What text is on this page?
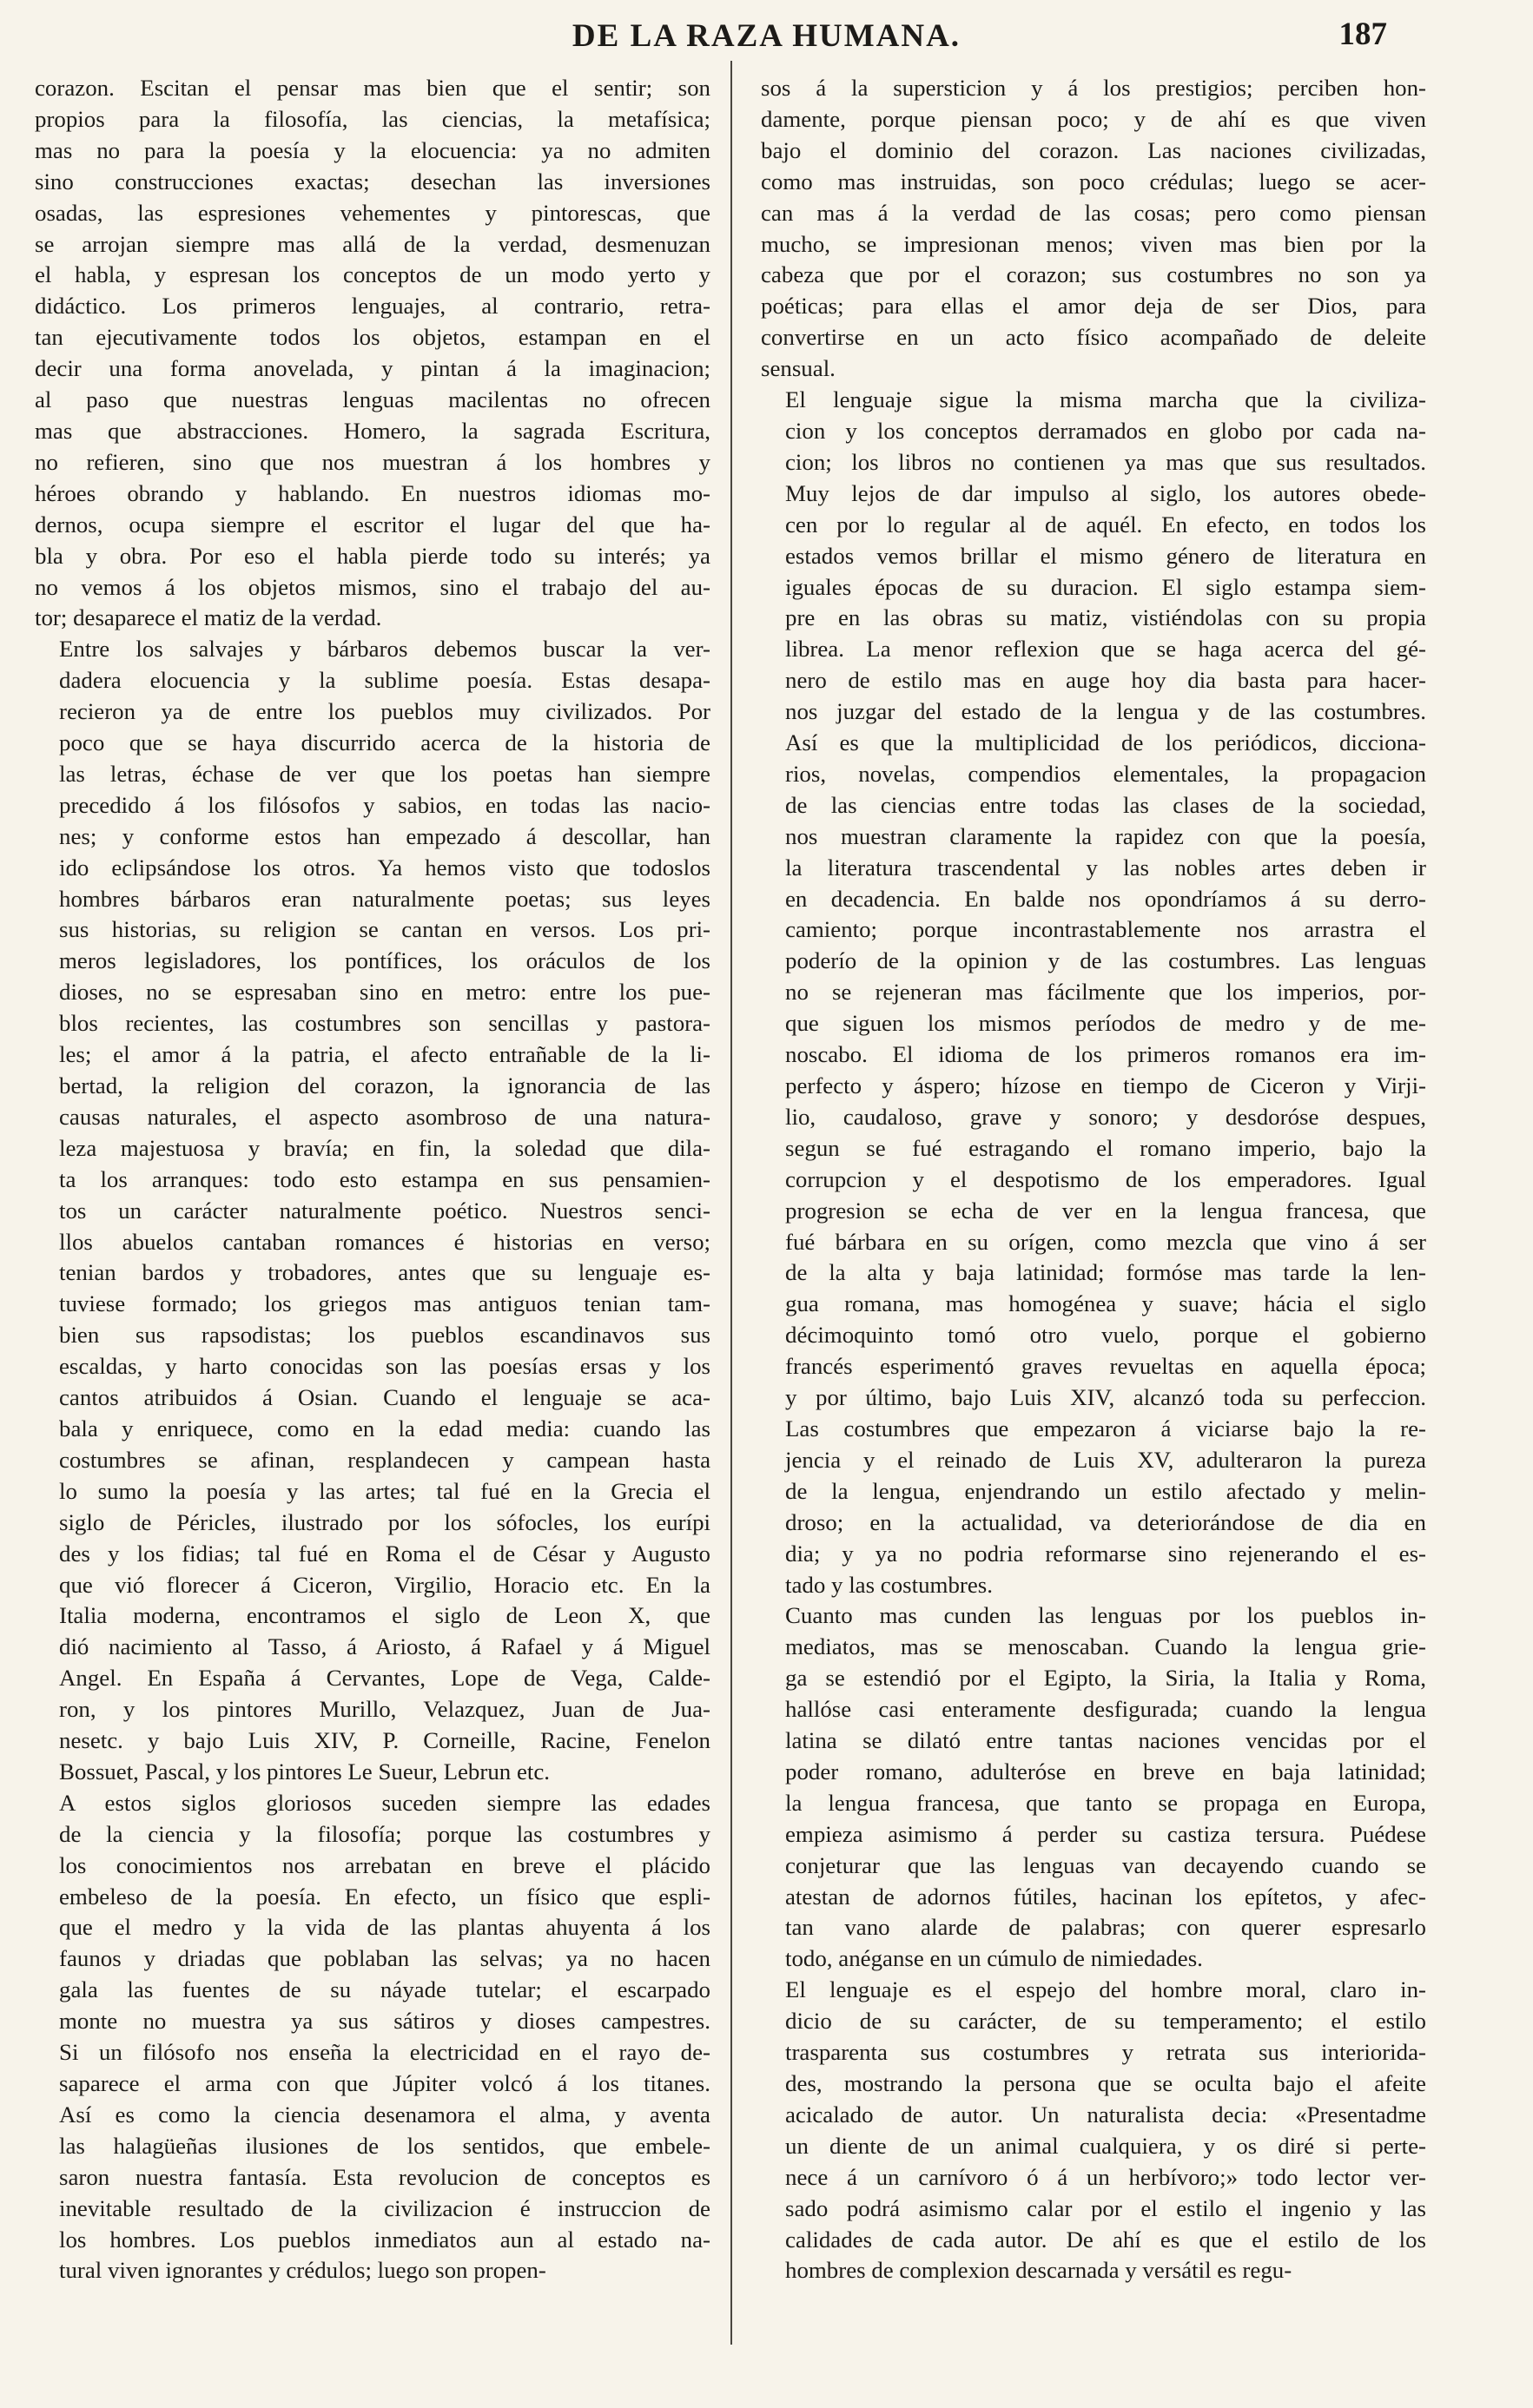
DE LA RAZA HUMANA.	187

corazon. Escitan el pensar mas bien que el sentir; son
propios para la filosofía, las ciencias, la metafísica;
mas no para la poesía y la elocuencia: ya no admiten
sino construcciones exactas; desechan las inversiones
osadas, las espresiones vehementes y pintorescas, que
se arrojan siempre mas allá de la verdad, desmenuzan
el habla, y espresan los conceptos de un modo yerto y
didáctico. Los primeros lenguajes, al contrario, retra-
tan ejecutivamente todos los objetos, estampan en el
decir una forma anovelada, y pintan á la imaginacion;
al paso que nuestras lenguas macilentas no ofrecen
mas que abstracciones. Homero, la sagrada Escritura,
no refieren, sino que nos muestran á los hombres y
héroes obrando y hablando. En nuestros idiomas mo-
dernos, ocupa siempre el escritor el lugar del que ha-
bla y obra. Por eso el habla pierde todo su interés; ya
no vemos á los objetos mismos, sino el trabajo del au-
tor; desaparece el matiz de la verdad.

Entre los salvajes y bárbaros debemos buscar la ver-
dadera elocuencia y la sublime poesía. Estas desapa-
recieron ya de entre los pueblos muy civilizados. Por
poco que se haya discurrido acerca de la historia de
las letras, échase de ver que los poetas han siempre
precedido á los filósofos y sabios, en todas las nacio-
nes; y conforme estos han empezado á descollar, han
ido eclipsándose los otros. Ya hemos visto que todoslos
hombres bárbaros eran naturalmente poetas; sus leyes
sus historias, su religion se cantan en versos. Los pri-
meros legisladores, los pontífices, los oráculos de los
dioses, no se espresaban sino en metro: entre los pue-
blos recientes, las costumbres son sencillas y pastora-
les; el amor á la patria, el afecto entrañable de la li-
bertad, la religion del corazon, la ignorancia de las
causas naturales, el aspecto asombroso de una natura-
leza majestuosa y bravía; en fin, la soledad que dila-
ta los arranques: todo esto estampa en sus pensamien-
tos un carácter naturalmente poético. Nuestros senci-
llos abuelos cantaban romances é historias en verso;
tenian bardos y trobadores, antes que su lenguaje es-
tuviese formado; los griegos mas antiguos tenian tam-
bien sus rapsodistas; los pueblos escandinavos sus
escaldas, y harto conocidas son las poesías ersas y los
cantos atribuidos á Osian. Cuando el lenguaje se aca-
bala y enriquece, como en la edad media: cuando las
costumbres se afinan, resplandecen y campean hasta
lo sumo la poesía y las artes; tal fué en la Grecia el
siglo de Péricles, ilustrado por los sófocles, los eurípi
des y los fidias; tal fué en Roma el de César y Augusto
que vió florecer á Ciceron, Virgilio, Horacio etc. En la
Italia moderna, encontramos el siglo de Leon X, que
dió nacimiento al Tasso, á Ariosto, á Rafael y á Miguel
Angel. En España á Cervantes, Lope de Vega, Calde-
ron, y los pintores Murillo, Velazquez, Juan de Jua-
nesetc. y bajo Luis XIV, P. Corneille, Racine, Fenelon
Bossuet, Pascal, y los pintores Le Sueur, Lebrun etc.

A estos siglos gloriosos suceden siempre las edades
de la ciencia y la filosofía; porque las costumbres y
los conocimientos nos arrebatan en breve el plácido
embeleso de la poesía. En efecto, un físico que espli-
que el medro y la vida de las plantas ahuyenta á los
faunos y driadas que poblaban las selvas; ya no hacen
gala las fuentes de su náyade tutelar; el escarpado
monte no muestra ya sus sátiros y dioses campestres.
Si un filósofo nos enseña la electricidad en el rayo de-
saparece el arma con que Júpiter volcó á los titanes.
Así es como la ciencia desenamora el alma, y aventa
las halagüeñas ilusiones de los sentidos, que embele-
saron nuestra fantasía. Esta revolucion de conceptos es
inevitable resultado de la civilizacion é instruccion de
los hombres. Los pueblos inmediatos aun al estado na-
tural viven ignorantes y crédulos; luego son propen-

sos á la supersticion y á los prestigios; perciben hon-
damente, porque piensan poco; y de ahí es que viven
bajo el dominio del corazon. Las naciones civilizadas,
como mas instruidas, son poco crédulas; luego se acer-
can mas á la verdad de las cosas; pero como piensan
mucho, se impresionan menos; viven mas bien por la
cabeza que por el corazon; sus costumbres no son ya
poéticas; para ellas el amor deja de ser Dios, para
convertirse en un acto físico acompañado de deleite
sensual.

El lenguaje sigue la misma marcha que la civiliza-
cion y los conceptos derramados en globo por cada na-
cion; los libros no contienen ya mas que sus resultados.
Muy lejos de dar impulso al siglo, los autores obede-
cen por lo regular al de aquél. En efecto, en todos los
estados vemos brillar el mismo género de literatura en
iguales épocas de su duracion. El siglo estampa siem-
pre en las obras su matiz, vistiéndolas con su propia
librea. La menor reflexion que se haga acerca del gé-
nero de estilo mas en auge hoy dia basta para hacer-
nos juzgar del estado de la lengua y de las costumbres.
Así es que la multiplicidad de los periódicos, dicciona-
rios, novelas, compendios elementales, la propagacion
de las ciencias entre todas las clases de la sociedad,
nos muestran claramente la rapidez con que la poesía,
la literatura trascendental y las nobles artes deben ir
en decadencia. En balde nos opondríamos á su derro-
camiento; porque incontrastablemente nos arrastra el
poderío de la opinion y de las costumbres. Las lenguas
no se rejeneran mas fácilmente que los imperios, por-
que siguen los mismos períodos de medro y de me-
noscabo. El idioma de los primeros romanos era im-
perfecto y áspero; hízose en tiempo de Ciceron y Virji-
lio, caudaloso, grave y sonoro; y desdoróse despues,
segun se fué estragando el romano imperio, bajo la
corrupcion y el despotismo de los emperadores. Igual
progresion se echa de ver en la lengua francesa, que
fué bárbara en su orígen, como mezcla que vino á ser
de la alta y baja latinidad; formóse mas tarde la len-
gua romana, mas homogénea y suave; hácia el siglo
décimoquinto tomó otro vuelo, porque el gobierno
francés esperimentó graves revueltas en aquella época;
y por último, bajo Luis XIV, alcanzó toda su perfeccion.
Las costumbres que empezaron á viciarse bajo la re-
jencia y el reinado de Luis XV, adulteraron la pureza
de la lengua, enjendrando un estilo afectado y melin-
droso; en la actualidad, va deteriorándose de dia en
dia; y ya no podria reformarse sino rejenerando el es-
tado y las costumbres.

Cuanto mas cunden las lenguas por los pueblos in-
mediatos, mas se menoscaban. Cuando la lengua grie-
ga se estendió por el Egipto, la Siria, la Italia y Roma,
hallóse casi enteramente desfigurada; cuando la lengua
latina se dilató entre tantas naciones vencidas por el
poder romano, adulteróse en breve en baja latinidad;
la lengua francesa, que tanto se propaga en Europa,
empieza asimismo á perder su castiza tersura. Puédese
conjeturar que las lenguas van decayendo cuando se
atestan de adornos fútiles, hacinan los epítetos, y afec-
tan vano alarde de palabras; con querer espresarlo
todo, anéganse en un cúmulo de nimiedades.

El lenguaje es el espejo del hombre moral, claro in-
dicio de su carácter, de su temperamento; el estilo
trasparenta sus costumbres y retrata sus interiorida-
des, mostrando la persona que se oculta bajo el afeite
acicalado de autor. Un naturalista decia: «Presentadme
un diente de un animal cualquiera, y os diré si perte-
nece á un carnívoro ó á un herbívoro;» todo lector ver-
sado podrá asimismo calar por el estilo el ingenio y las
calidades de cada autor. De ahí es que el estilo de los
hombres de complexion descarnada y versátil es regu-
